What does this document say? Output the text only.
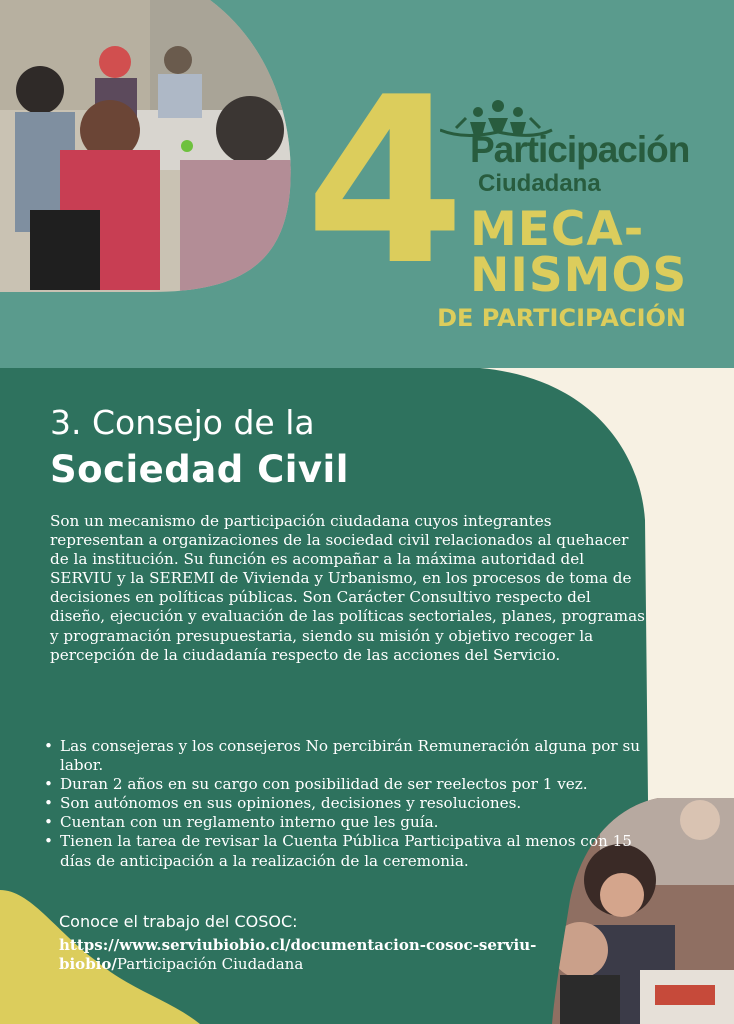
4 Participación
Ciudadana
MECA-
NISMOS
DE PARTICIPACIÓN
3. Consejo de la
Sociedad Civil
Son un mecanismo de participación ciudadana cuyos integrantes representan a organizaciones de la sociedad civil relacionados al quehacer de la institución. Su función es acompañar a la máxima autoridad del SERVIU y la SEREMI de Vivienda y Urbanismo, en los procesos de toma de decisiones en políticas públicas. Son Carácter Consultivo respecto del diseño, ejecución y evaluación de las políticas sectoriales, planes, programas y programación presupuestaria, siendo su misión y objetivo recoger la percepción de la ciudadanía respecto de las acciones del Servicio.
• Las consejeras y los consejeros No percibirán Remuneración alguna por su labor.
• Duran 2 años en su cargo con posibilidad de ser reelectos por 1 vez.
• Son autónomos en sus opiniones, decisiones y resoluciones.
• Cuentan con un reglamento interno que les guía.
• Tienen la tarea de revisar la Cuenta Pública Participativa al menos con 15 días de anticipación a la realización de la ceremonia.
Conoce el trabajo del COSOC:
https://www.serviubiobio.cl/documentacion-cosoc-serviu-biobio/Participación Ciudadana
